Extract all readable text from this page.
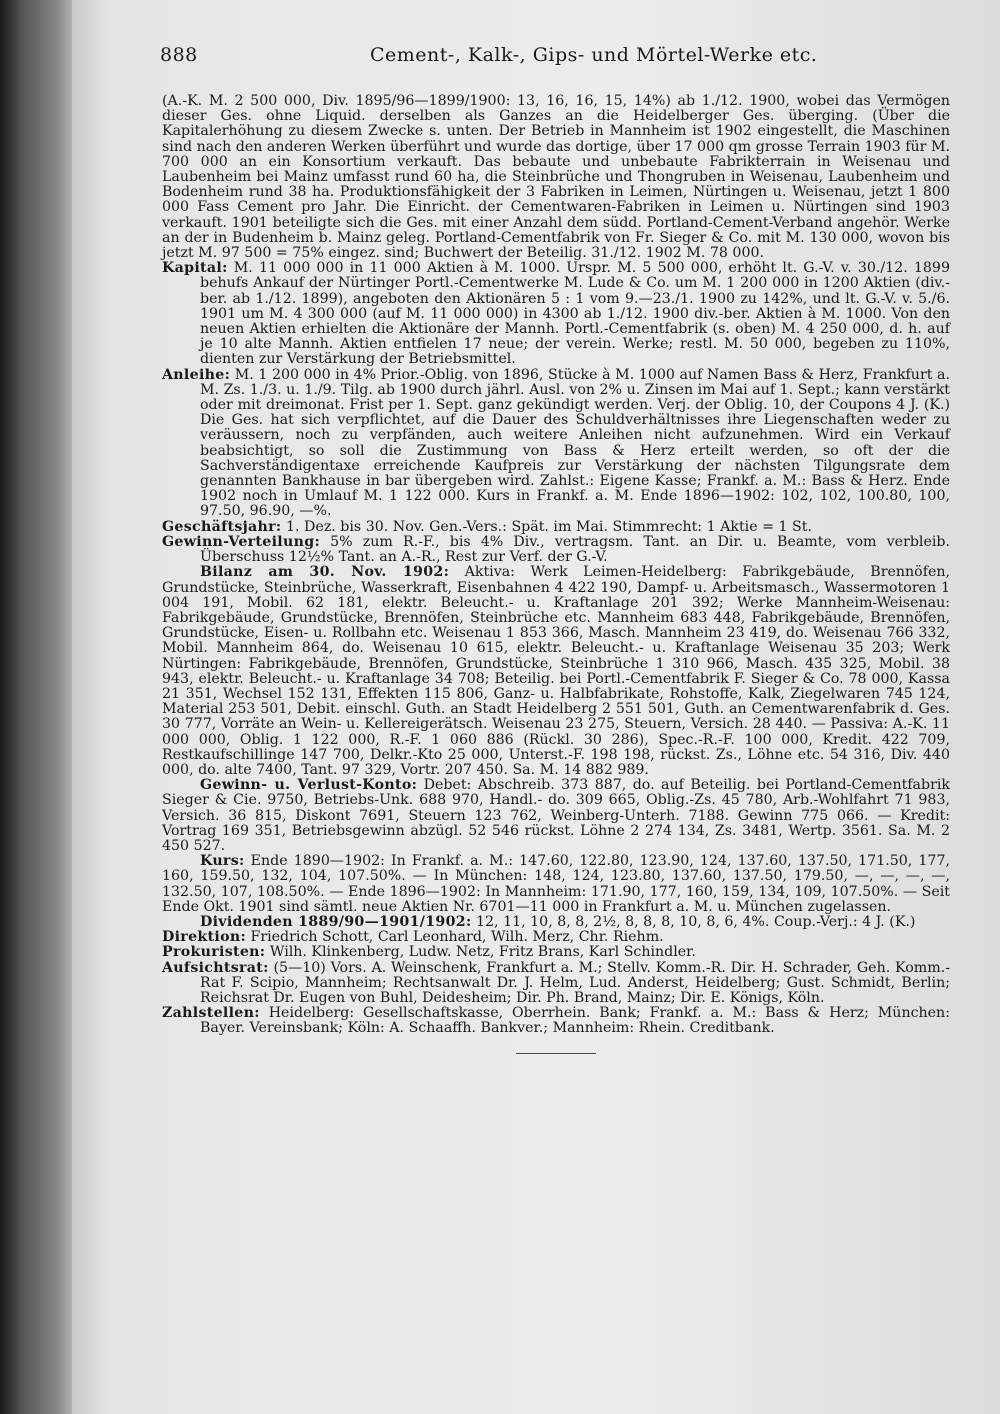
888	Cement-, Kalk-, Gips- und Mörtel-Werke etc.

(A.-K. M. 2 500 000, Div. 1895/96—1899/1900: 13, 16, 16, 15, 14%) ab 1./12. 1900, wobei das Vermögen dieser Ges. ohne Liquid. derselben als Ganzes an die Heidelberger Ges. überging. (Über die Kapitalerhöhung zu diesem Zwecke s. unten. Der Betrieb in Mannheim ist 1902 eingestellt, die Maschinen sind nach den anderen Werken überführt und wurde das dortige, über 17 000 qm grosse Terrain 1903 für M. 700 000 an ein Konsortium verkauft. Das bebaute und unbebaute Fabrikterrain in Weisenau und Laubenheim bei Mainz umfasst rund 60 ha, die Steinbrüche und Thongruben in Weisenau, Laubenheim und Bodenheim rund 38 ha. Produktionsfähigkeit der 3 Fabriken in Leimen, Nürtingen u. Weisenau, jetzt 1 800 000 Fass Cement pro Jahr. Die Einricht. der Cementwaren-Fabriken in Leimen u. Nürtingen sind 1903 verkauft. 1901 beteiligte sich die Ges. mit einer Anzahl dem südd. Portland-Cement-Verband angehör. Werke an der in Budenheim b. Mainz geleg. Portland-Cementfabrik von Fr. Sieger & Co. mit M. 130 000, wovon bis jetzt M. 97 500 = 75% eingez. sind; Buchwert der Beteilig. 31./12. 1902 M. 78 000.

Kapital: M. 11 000 000 in 11 000 Aktien à M. 1000. Urspr. M. 5 500 000, erhöht lt. G.-V. v. 30./12. 1899 behufs Ankauf der Nürtinger Portl.-Cementwerke M. Lude & Co. um M. 1 200 000 in 1200 Aktien (div.-ber. ab 1./12. 1899), angeboten den Aktionären 5 : 1 vom 9.—23./1. 1900 zu 142%, und lt. G.-V. v. 5./6. 1901 um M. 4 300 000 (auf M. 11 000 000) in 4300 ab 1./12. 1900 div.-ber. Aktien à M. 1000. Von den neuen Aktien erhielten die Aktionäre der Mannh. Portl.-Cementfabrik (s. oben) M. 4 250 000, d. h. auf je 10 alte Mannh. Aktien entfielen 17 neue; der verein. Werke; restl. M. 50 000, begeben zu 110%, dienten zur Verstärkung der Betriebsmittel.

Anleihe: M. 1 200 000 in 4% Prior.-Oblig. von 1896, Stücke à M. 1000 auf Namen Bass & Herz, Frankfurt a. M. Zs. 1./3. u. 1./9. Tilg. ab 1900 durch jährl. Ausl. von 2% u. Zinsen im Mai auf 1. Sept.; kann verstärkt oder mit dreimonat. Frist per 1. Sept. ganz gekündigt werden. Verj. der Oblig. 10, der Coupons 4 J. (K.) Die Ges. hat sich verpflichtet, auf die Dauer des Schuldverhältnisses ihre Liegenschaften weder zu veräussern, noch zu verpfänden, auch weitere Anleihen nicht aufzunehmen. Wird ein Verkauf beabsichtigt, so soll die Zustimmung von Bass & Herz erteilt werden, so oft der die Sachverständigentaxe erreichende Kaufpreis zur Verstärkung der nächsten Tilgungsrate dem genannten Bankhause in bar übergeben wird. Zahlst.: Eigene Kasse; Frankf. a. M.: Bass & Herz. Ende 1902 noch in Umlauf M. 1 122 000. Kurs in Frankf. a. M. Ende 1896—1902: 102, 102, 100.80, 100, 97.50, 96.90, —%.

Geschäftsjahr: 1. Dez. bis 30. Nov. Gen.-Vers.: Spät. im Mai. Stimmrecht: 1 Aktie = 1 St.

Gewinn-Verteilung: 5% zum R.-F., bis 4% Div., vertragsm. Tant. an Dir. u. Beamte, vom verbleib. Überschuss 12½% Tant. an A.-R., Rest zur Verf. der G.-V.

Bilanz am 30. Nov. 1902: Aktiva: Werk Leimen-Heidelberg: Fabrikgebäude, Brennöfen, Grundstücke, Steinbrüche, Wasserkraft, Eisenbahnen 4 422 190, Dampf- u. Arbeitsmasch., Wassermotoren 1 004 191, Mobil. 62 181, elektr. Beleucht.- u. Kraftanlage 201 392; Werke Mannheim-Weisenau: Fabrikgebäude, Grundstücke, Brennöfen, Steinbrüche etc. Mannheim 683 448, Fabrikgebäude, Brennöfen, Grundstücke, Eisen- u. Rollbahn etc. Weisenau 1 853 366, Masch. Mannheim 23 419, do. Weisenau 766 332, Mobil. Mannheim 864, do. Weisenau 10 615, elektr. Beleucht.- u. Kraftanlage Weisenau 35 203; Werk Nürtingen: Fabrikgebäude, Brennöfen, Grundstücke, Steinbrüche 1 310 966, Masch. 435 325, Mobil. 38 943, elektr. Beleucht.- u. Kraftanlage 34 708; Beteilig. bei Portl.-Cementfabrik F. Sieger & Co. 78 000, Kassa 21 351, Wechsel 152 131, Effekten 115 806, Ganz- u. Halbfabrikate, Rohstoffe, Kalk, Ziegelwaren 745 124, Material 253 501, Debit. einschl. Guth. an Stadt Heidelberg 2 551 501, Guth. an Cementwarenfabrik d. Ges. 30 777, Vorräte an Wein- u. Kellereigerätsch. Weisenau 23 275, Steuern, Versich. 28 440. — Passiva: A.-K. 11 000 000, Oblig. 1 122 000, R.-F. 1 060 886 (Rückl. 30 286), Spec.-R.-F. 100 000, Kredit. 422 709, Restkaufschillinge 147 700, Delkr.-Kto 25 000, Unterst.-F. 198 198, rückst. Zs., Löhne etc. 54 316, Div. 440 000, do. alte 7400, Tant. 97 329, Vortr. 207 450. Sa. M. 14 882 989.

Gewinn- u. Verlust-Konto: Debet: Abschreib. 373 887, do. auf Beteilig. bei Portland-Cementfabrik Sieger & Cie. 9750, Betriebs-Unk. 688 970, Handl.- do. 309 665, Oblig.-Zs. 45 780, Arb.-Wohlfahrt 71 983, Versich. 36 815, Diskont 7691, Steuern 123 762, Weinberg-Unterh. 7188. Gewinn 775 066. — Kredit: Vortrag 169 351, Betriebsgewinn abzügl. 52 546 rückst. Löhne 2 274 134, Zs. 3481, Wertp. 3561. Sa. M. 2 450 527.

Kurs: Ende 1890—1902: In Frankf. a. M.: 147.60, 122.80, 123.90, 124, 137.60, 137.50, 171.50, 177, 160, 159.50, 132, 104, 107.50%. — In München: 148, 124, 123.80, 137.60, 137.50, 179.50, —, —, —, —, 132.50, 107, 108.50%. — Ende 1896—1902: In Mannheim: 171.90, 177, 160, 159, 134, 109, 107.50%. — Seit Ende Okt. 1901 sind sämtl. neue Aktien Nr. 6701—11 000 in Frankfurt a. M. u. München zugelassen.

Dividenden 1889/90—1901/1902: 12, 11, 10, 8, 8, 2½, 8, 8, 8, 10, 8, 6, 4%. Coup.-Verj.: 4 J. (K.)

Direktion: Friedrich Schott, Carl Leonhard, Wilh. Merz, Chr. Riehm.

Prokuristen: Wilh. Klinkenberg, Ludw. Netz, Fritz Brans, Karl Schindler.

Aufsichtsrat: (5—10) Vors. A. Weinschenk, Frankfurt a. M.; Stellv. Komm.-R. Dir. H. Schrader, Geh. Komm.-Rat F. Scipio, Mannheim; Rechtsanwalt Dr. J. Helm, Lud. Anderst, Heidelberg; Gust. Schmidt, Berlin; Reichsrat Dr. Eugen von Buhl, Deidesheim; Dir. Ph. Brand, Mainz; Dir. E. Königs, Köln.

Zahlstellen: Heidelberg: Gesellschaftskasse, Oberrhein. Bank; Frankf. a. M.: Bass & Herz; München: Bayer. Vereinsbank; Köln: A. Schaaffh. Bankver.; Mannheim: Rhein. Creditbank.
